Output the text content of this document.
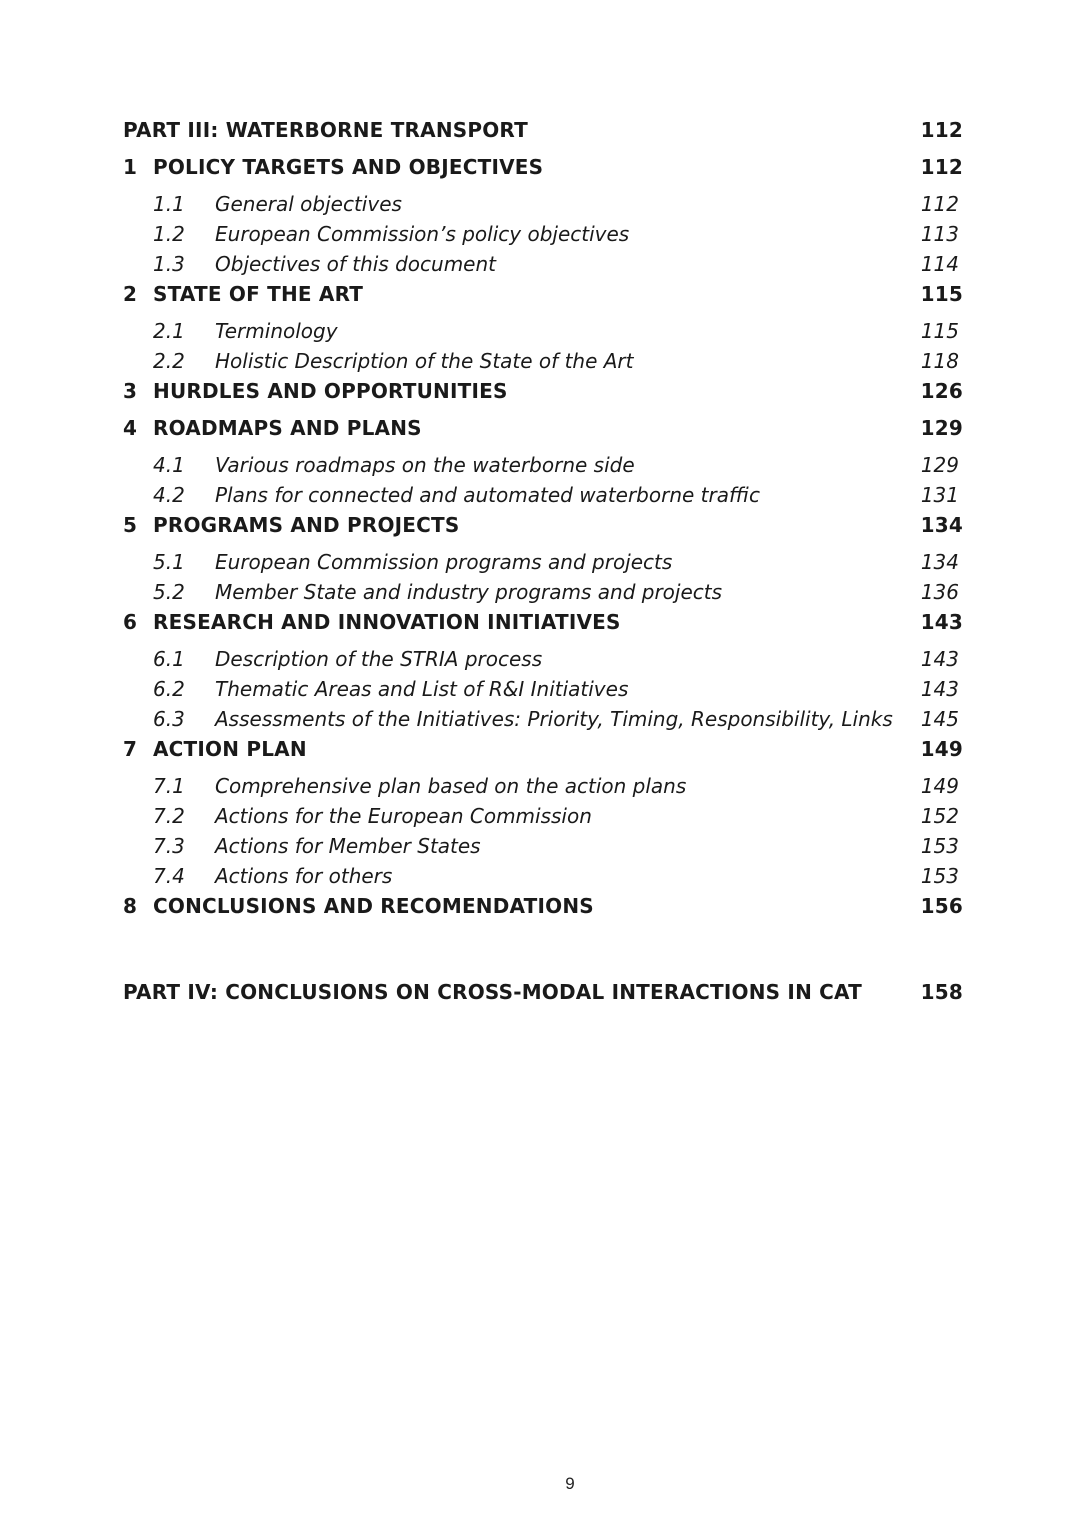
PART III: WATERBORNE TRANSPORT	112
1 POLICY TARGETS AND OBJECTIVES	112
1.1	General objectives	112
1.2	European Commission’s policy objectives	113
1.3	Objectives of this document	114
2 STATE OF THE ART	115
2.1	Terminology	115
2.2	Holistic Description of the State of the Art	118
3 HURDLES AND OPPORTUNITIES	126
4 ROADMAPS AND PLANS	129
4.1	Various roadmaps on the waterborne side	129
4.2	Plans for connected and automated waterborne traffic	131
5 PROGRAMS AND PROJECTS	134
5.1	European Commission programs and projects	134
5.2	Member State and industry programs and projects	136
6 RESEARCH AND INNOVATION INITIATIVES	143
6.1	Description of the STRIA process	143
6.2	Thematic Areas and List of R&I Initiatives	143
6.3	Assessments of the Initiatives: Priority, Timing, Responsibility, Links	145
7 ACTION PLAN	149
7.1	Comprehensive plan based on the action plans	149
7.2	Actions for the European Commission	152
7.3	Actions for Member States	153
7.4	Actions for others	153
8 CONCLUSIONS AND RECOMENDATIONS	156
PART IV: CONCLUSIONS ON CROSS-MODAL INTERACTIONS IN CAT	158
9
